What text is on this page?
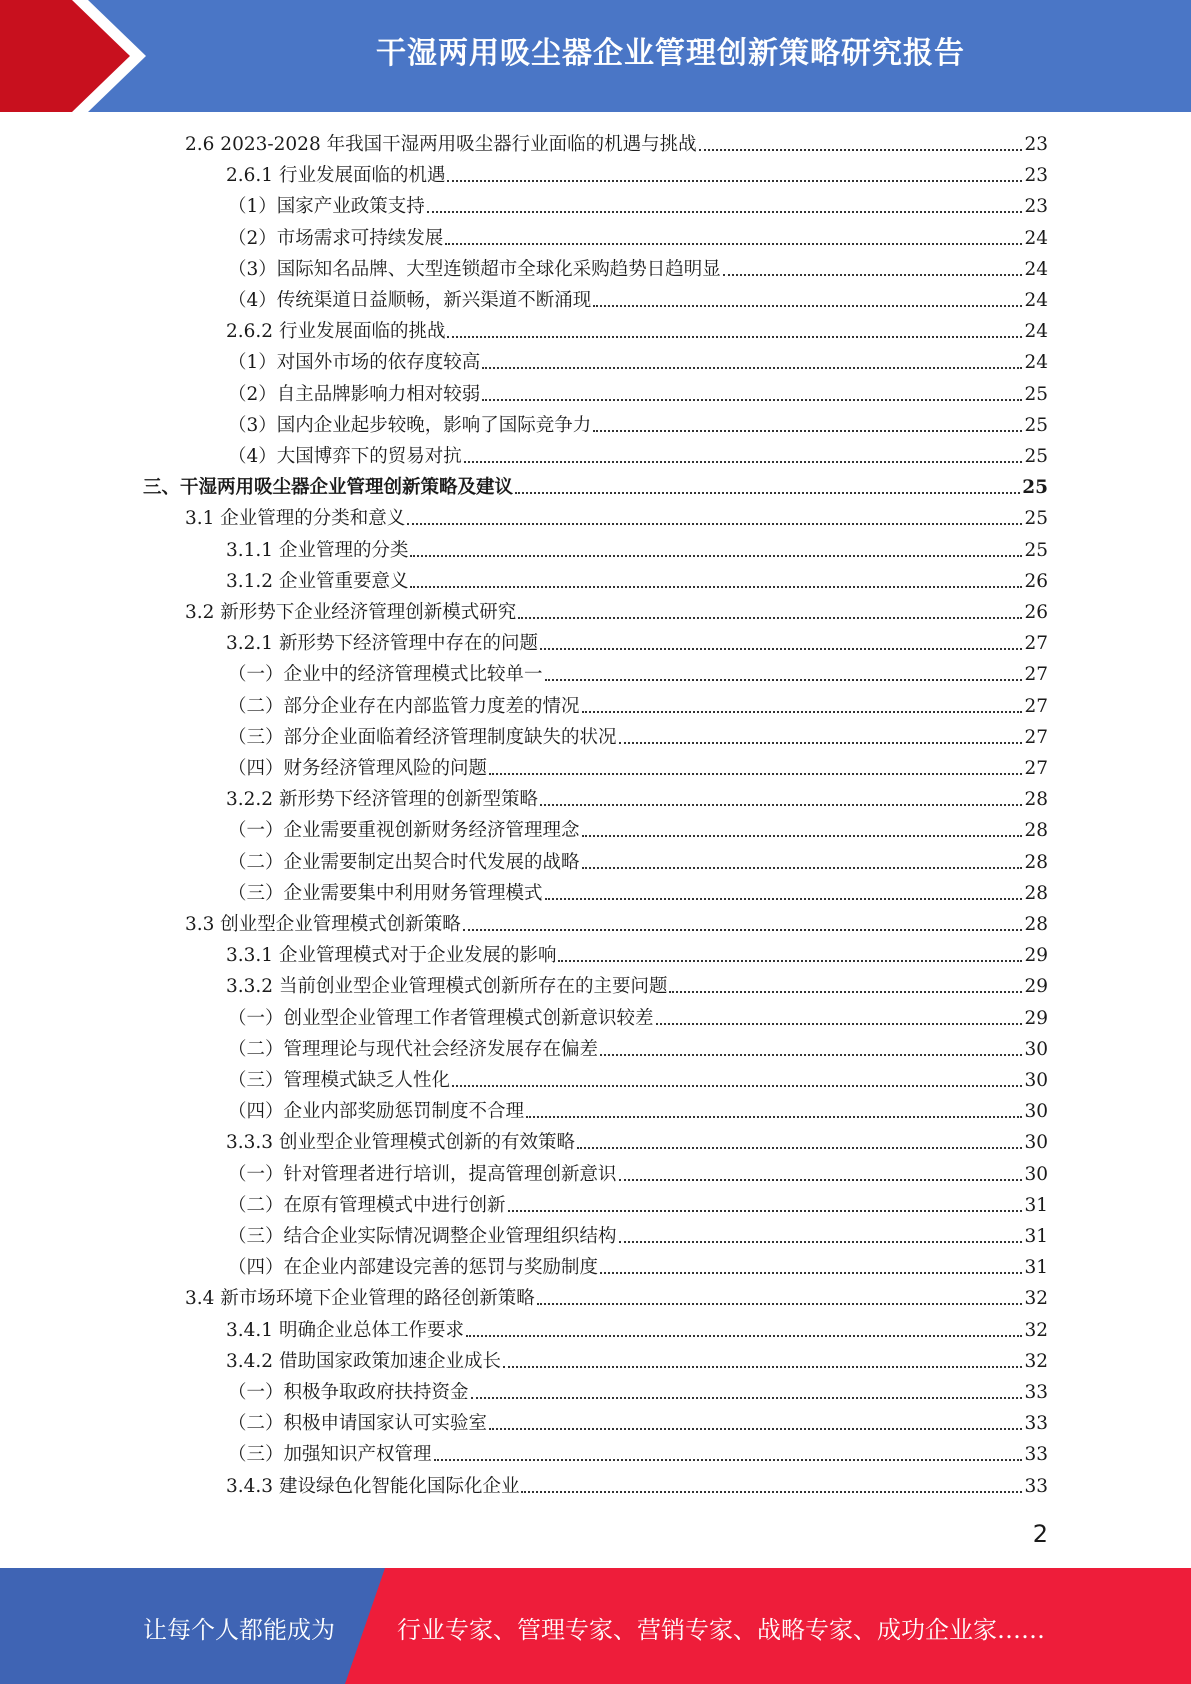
干湿两用吸尘器企业管理创新策略研究报告
2.6 2023-2028 年我国干湿两用吸尘器行业面临的机遇与挑战	23
2.6.1 行业发展面临的机遇	23
（1）国家产业政策支持	23
（2）市场需求可持续发展	24
（3）国际知名品牌、大型连锁超市全球化采购趋势日趋明显	24
（4）传统渠道日益顺畅，新兴渠道不断涌现	24
2.6.2 行业发展面临的挑战	24
（1）对国外市场的依存度较高	24
（2）自主品牌影响力相对较弱	25
（3）国内企业起步较晚，影响了国际竞争力	25
（4）大国博弈下的贸易对抗	25
三、干湿两用吸尘器企业管理创新策略及建议	25
3.1 企业管理的分类和意义	25
3.1.1 企业管理的分类	25
3.1.2 企业管重要意义	26
3.2 新形势下企业经济管理创新模式研究	26
3.2.1 新形势下经济管理中存在的问题	27
（一）企业中的经济管理模式比较单一	27
（二）部分企业存在内部监管力度差的情况	27
（三）部分企业面临着经济管理制度缺失的状况	27
（四）财务经济管理风险的问题	27
3.2.2 新形势下经济管理的创新型策略	28
（一）企业需要重视创新财务经济管理理念	28
（二）企业需要制定出契合时代发展的战略	28
（三）企业需要集中利用财务管理模式	28
3.3 创业型企业管理模式创新策略	28
3.3.1 企业管理模式对于企业发展的影响	29
3.3.2 当前创业型企业管理模式创新所存在的主要问题	29
（一）创业型企业管理工作者管理模式创新意识较差	29
（二）管理理论与现代社会经济发展存在偏差	30
（三）管理模式缺乏人性化	30
（四）企业内部奖励惩罚制度不合理	30
3.3.3 创业型企业管理模式创新的有效策略	30
（一）针对管理者进行培训，提高管理创新意识	30
（二）在原有管理模式中进行创新	31
（三）结合企业实际情况调整企业管理组织结构	31
（四）在企业内部建设完善的惩罚与奖励制度	31
3.4 新市场环境下企业管理的路径创新策略	32
3.4.1 明确企业总体工作要求	32
3.4.2 借助国家政策加速企业成长	32
（一）积极争取政府扶持资金	33
（二）积极申请国家认可实验室	33
（三）加强知识产权管理	33
3.4.3 建设绿色化智能化国际化企业	33
2
让每个人都能成为	行业专家、管理专家、营销专家、战略专家、成功企业家……
